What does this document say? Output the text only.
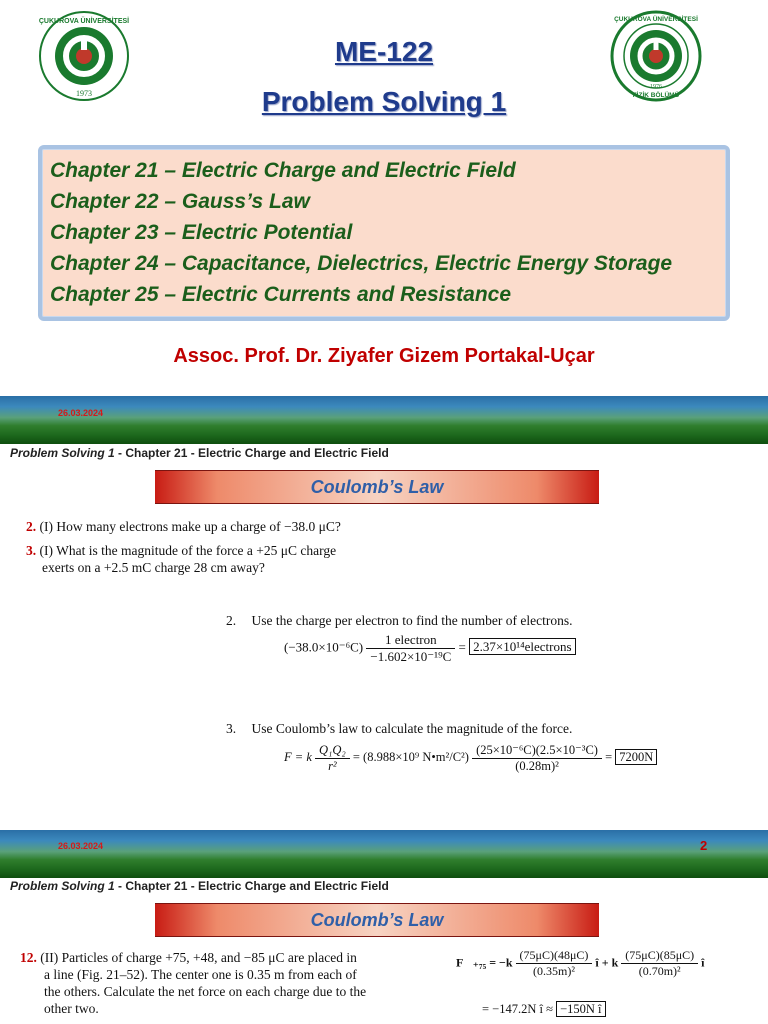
ÇUKUROVA ÜNİVERSİTESİ
1973
ÇUKUROVA ÜNİVERSİTESİ
FİZİK BÖLÜMÜ
1976
ME-122
Problem Solving 1
Chapter 21 – Electric Charge and Electric Field
Chapter 22 – Gauss’s Law
Chapter 23 – Electric Potential
Chapter 24 – Capacitance, Dielectrics, Electric Energy Storage
Chapter 25 – Electric Currents and Resistance
Assoc. Prof. Dr. Ziyafer Gizem Portakal-Uçar
26.03.2024
Problem Solving 1 - Chapter 21 - Electric Charge and Electric Field
Coulomb’s Law
2. (I) How many electrons make up a charge of −38.0 μC?
3. (I) What is the magnitude of the force a +25 μC charge
exerts on a +2.5 mC charge 28 cm away?
2. Use the charge per electron to find the number of electrons.
$(-38.0\times 10^{-6}C) \frac{\text{1 electron}}{\text{−1.602×10⁻¹⁹C}}$ = 2.37×10¹⁴electrons
3. Use Coulomb’s law to calculate the magnitude of the force.
F = k $\frac{\text{Q₁Q₂}}{\text{r²}} = (8.988\times 10^9$ N•m²/C²) $\frac{\text{(25×10⁻⁶C)(2.5×10⁻³C)}}{\text{(0.28m)²}} = 7200N$
26.03.2024	2
Problem Solving 1 - Chapter 21 - Electric Charge and Electric Field
Coulomb’s Law
12. (II) Particles of charge +75, +48, and −85 μC are placed in
a line (Fig. 21–52). The center one is 0.35 m from each of
the others. Calculate the net force on each charge due to the
other two.
F⃗₊₇₅ = $-k \frac{(75\mu C)(48\mu C)}{\text{(0.35m)²}}$ î + k $\frac{(75\mu C)(85\mu C)}{\text{(0.70m)²}}$ î
= −147.2N î ≈ −150N î
